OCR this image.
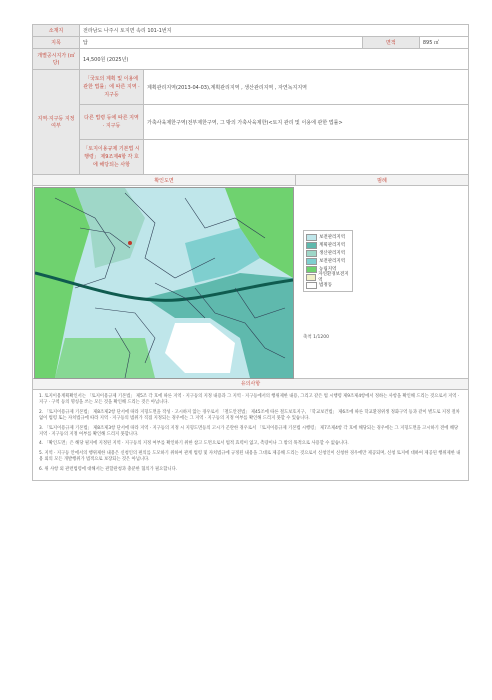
소재지	전라남도 나주시 토지면 속리 101-1번지			
지목	답		면적	895 ㎡
개별공시지가 (㎡당)	14,500원 (2025년)			
지역·지구등 지정여부	「국토의 계획 및 이용에 관한 법률」에 따른 지역 · 지구등	계획관리지역(2013-04-03),계획관리지역 , 생산관리지역 , 자연녹지지역		
	다른 법령 등에 따른 지역 · 지구등	가축사육제한구역(전부제한구역, 그 밖의 가축사육제한)<토지 관리 및 이용에 관한 법률>		
	「토지이용규제 기본법 시행령」 제9조제4항 각 호에 해당되는 사항			
확인도면	범례
보전관리지역
계획관리지역
생산관리지역
보전관리지역
농림지역
자연환경보전지역
법정동
축척 1/1200
유의사항

1. 토지이용계획확인서는 「토지이용규제 기본법」 제5조 각 호에 따른 지역 · 지구등의 지정 내용과 그 지역 · 지구등에서의 행위제한 내용, 그리고 같은 법 시행령 제9조제4항에서 정하는 사항을 확인해 드리는 것으로서 지역 · 지구 · 구역 등의 명칭을 쓰는 모든 것을 확인해 드리는 것은 아닙니다.

2. 「토지이용규제 기본법」 제8조제2항 단서에 따라 지형도면을 작성 · 고시하지 않는 경우로서 「철도안전법」 제45조에 따른 철도보호지구, 「학교보건법」 제6조에 따른 학교환경위생 정화구역 등과 같이 별도로 지정 절차 없이 법령 또는 자치법규에 따라 지역 · 지구등의 범위가 직접 지정되는 경우에는 그 지역 · 지구등의 지정 여부를 확인해 드리지 못할 수 있습니다.

3. 「토지이용규제 기본법」 제8조제3항 단서에 따라 지역 · 지구등의 지정 시 지형도면등의 고시가 곤란한 경우로서 「토지이용규제 기본법 시행령」 제7조제4항 각 호에 해당되는 경우에는 그 지형도면을 고시하기 전에 해당 지역 · 지구등의 지정 여부를 확인해 드리지 못합니다.

4. 「확인도면」은 해당 필지에 지정된 지역 · 지구등의 지정 여부를 확인하기 위한 참고 도면으로서 법적 효력이 없고, 측량이나 그 밖의 목적으로 사용할 수 없습니다.

5. 지역 · 지구등 안에서의 행위제한 내용은 신청인의 편의를 도모하기 위하여 관계 법령 및 자치법규에 규정된 내용을 그대로 제공해 드리는 것으로서 신청인이 신청한 경우에만 제공되며, 신청 토지에 대하여 제공된 행위제한 내용 외의 모든 개발행위가 법적으로 보장되는 것은 아닙니다.

6. 위 사항 외 관련법령에 대해서는 관할관청과 충분한 협의가 필요합니다.
